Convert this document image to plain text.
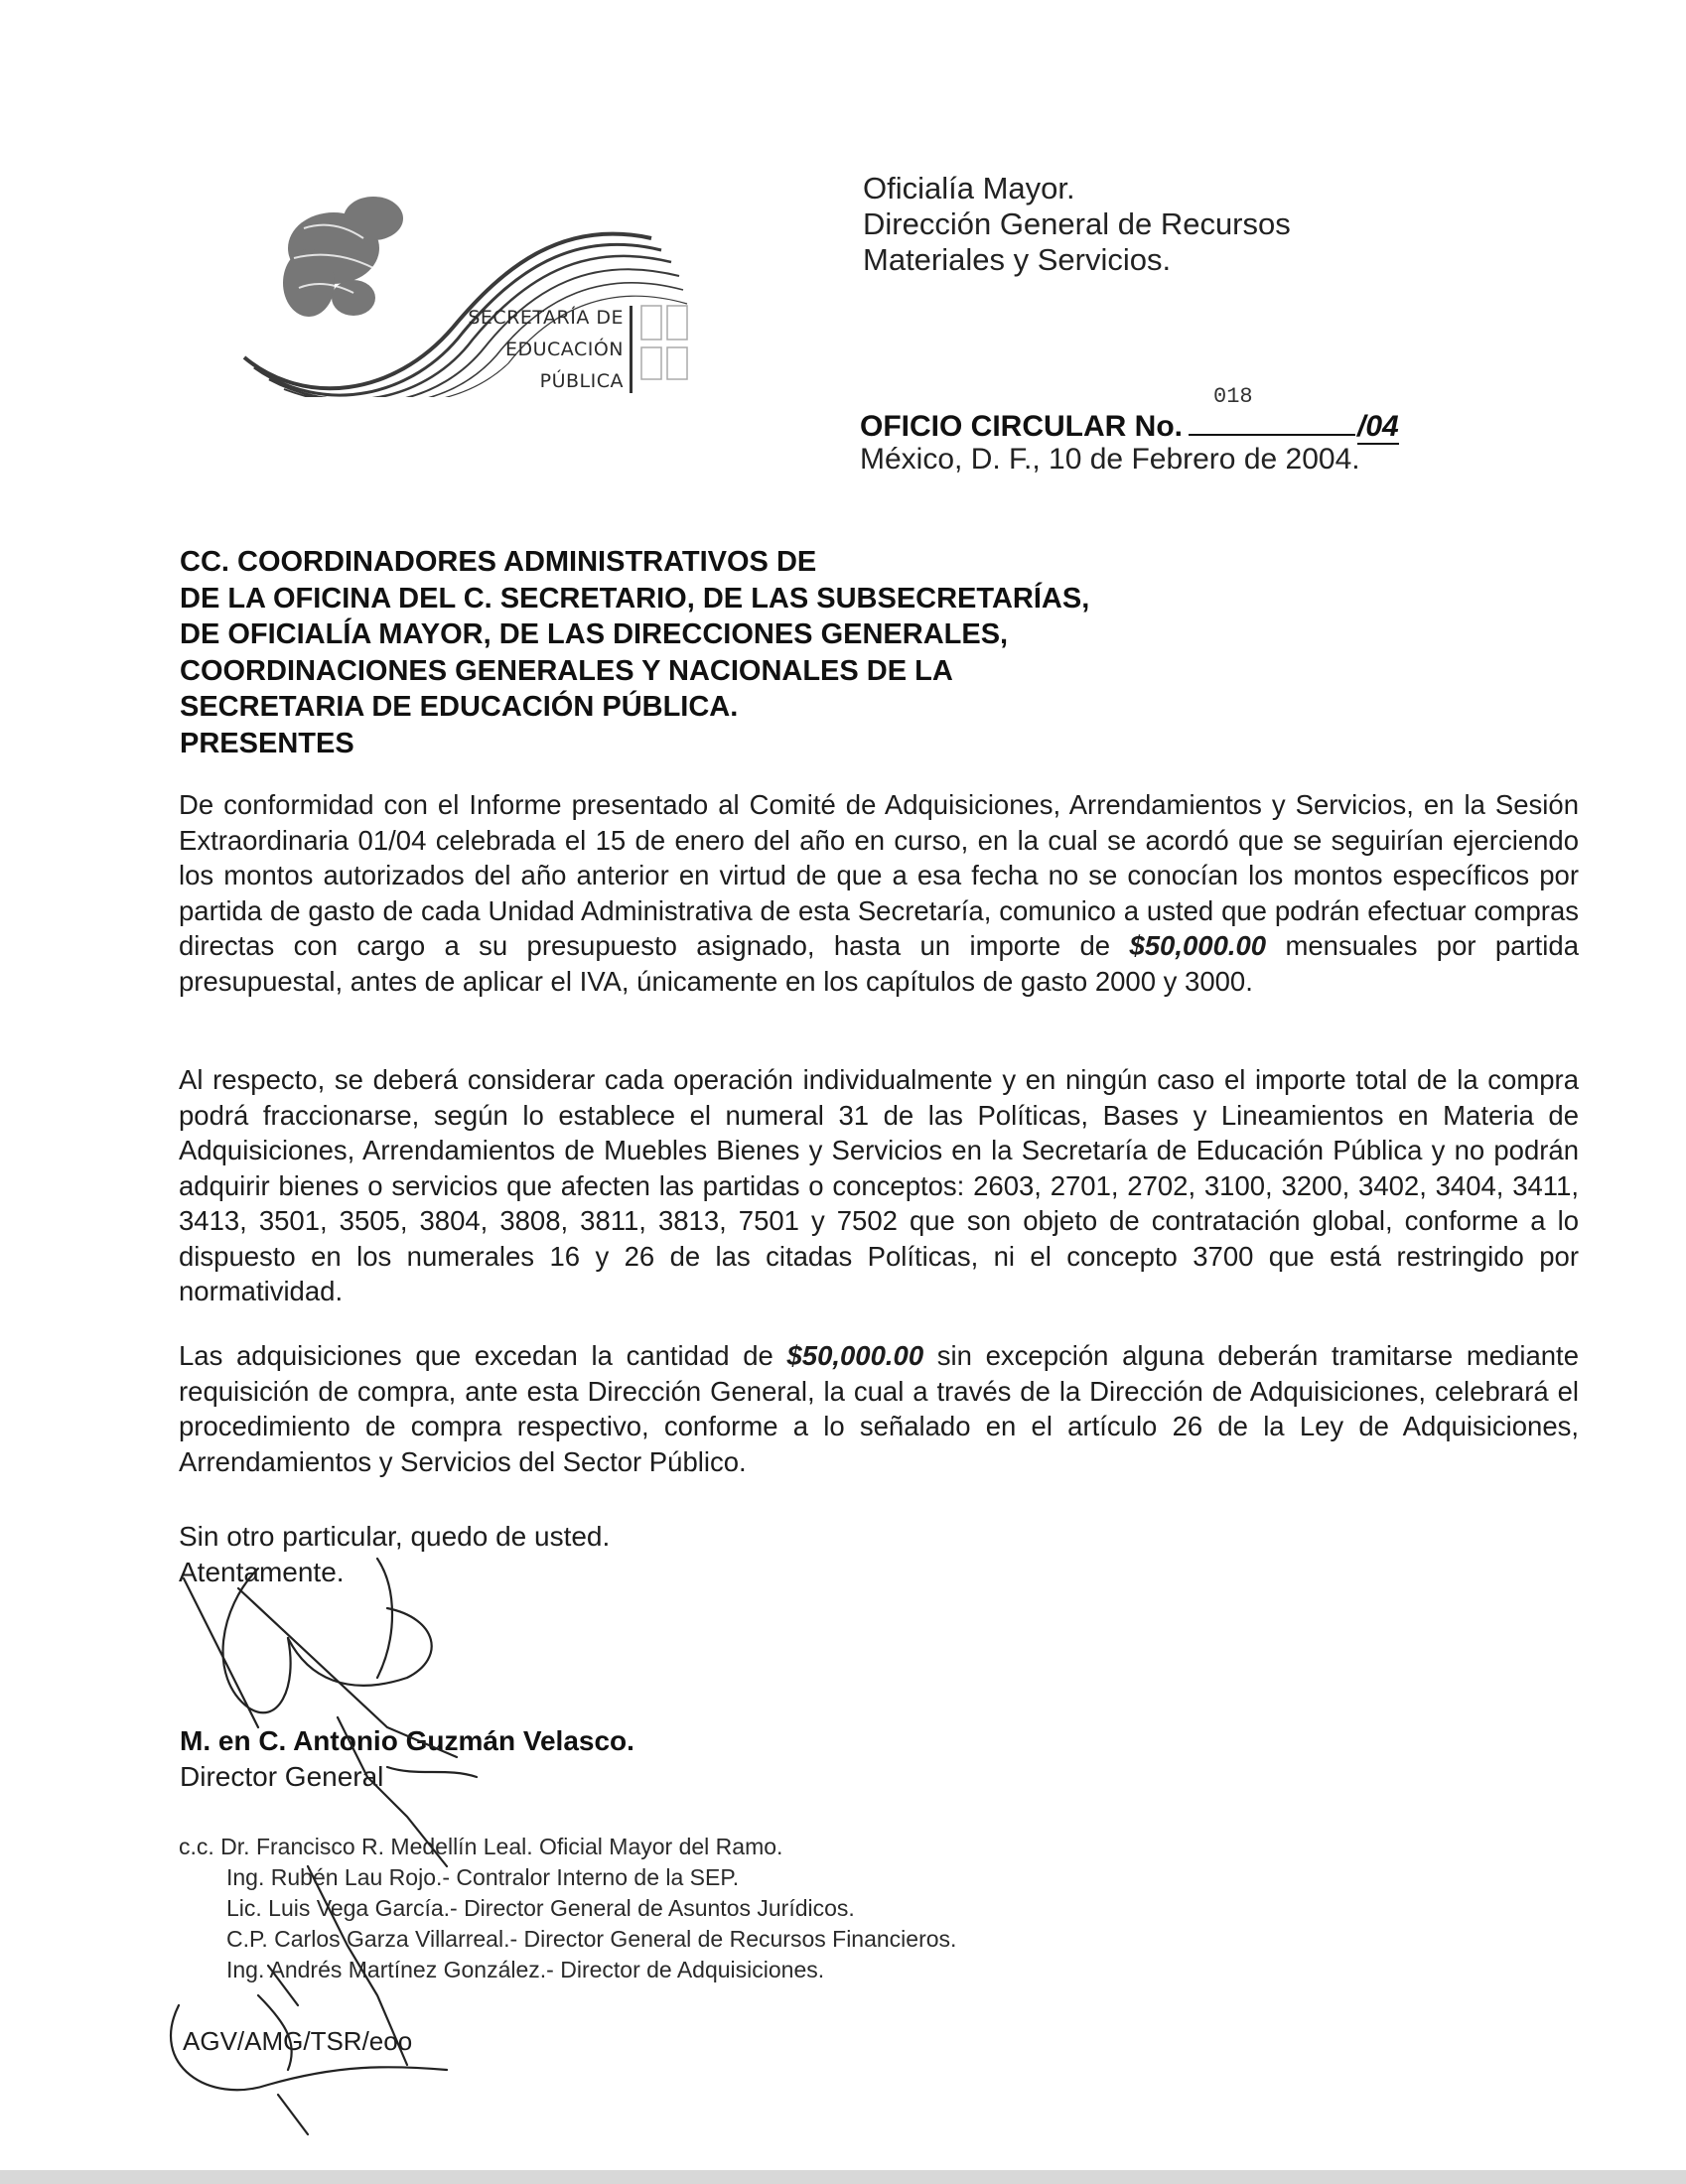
SECRETARÍA DE
EDUCACIÓN
PÚBLICA
Oficialía Mayor.
Dirección General de Recursos
Materiales y Servicios.
018
OFICIO CIRCULAR No.	/04
México, D. F., 10 de Febrero de 2004.
CC. COORDINADORES ADMINISTRATIVOS DE
DE LA OFICINA DEL C. SECRETARIO, DE LAS SUBSECRETARÍAS,
DE OFICIALÍA MAYOR, DE LAS DIRECCIONES GENERALES,
COORDINACIONES GENERALES Y NACIONALES DE LA
SECRETARIA DE EDUCACIÓN PÚBLICA.
PRESENTES
De conformidad con el Informe presentado al Comité de Adquisiciones, Arrendamientos y Servicios, en la Sesión Extraordinaria 01/04 celebrada el 15 de enero del año en curso, en la cual se acordó que se seguirían ejerciendo los montos autorizados del año anterior en virtud de que a esa fecha no se conocían los montos específicos por partida de gasto de cada Unidad Administrativa de esta Secretaría, comunico a usted que podrán efectuar compras directas con cargo a su presupuesto asignado, hasta un importe de $50,000.00 mensuales por partida presupuestal, antes de aplicar el IVA, únicamente en los capítulos de gasto 2000 y 3000.
Al respecto, se deberá considerar cada operación individualmente y en ningún caso el importe total de la compra podrá fraccionarse, según lo establece el numeral 31 de las Políticas, Bases y Lineamientos en Materia de Adquisiciones, Arrendamientos de Muebles Bienes y Servicios en la Secretaría de Educación Pública y no podrán adquirir bienes o servicios que afecten las partidas o conceptos: 2603, 2701, 2702, 3100, 3200, 3402, 3404, 3411, 3413, 3501, 3505, 3804, 3808, 3811, 3813, 7501 y 7502 que son objeto de contratación global, conforme a lo dispuesto en los numerales 16 y 26 de las citadas Políticas, ni el concepto 3700 que está restringido por normatividad.
Las adquisiciones que excedan la cantidad de $50,000.00 sin excepción alguna deberán tramitarse mediante requisición de compra, ante esta Dirección General, la cual a través de la Dirección de Adquisiciones, celebrará el procedimiento de compra respectivo, conforme a lo señalado en el artículo 26 de la Ley de Adquisiciones, Arrendamientos y Servicios del Sector Público.
Sin otro particular, quedo de usted.
Atentamente.
M. en C. Antonio Guzmán Velasco.
Director General
c.c. Dr. Francisco R. Medellín Leal. Oficial Mayor del Ramo.
Ing. Rubén Lau Rojo.- Contralor Interno de la SEP.
Lic. Luis Vega García.- Director General de Asuntos Jurídicos.
C.P. Carlos Garza Villarreal.- Director General de Recursos Financieros.
Ing. Andrés Martínez González.- Director de Adquisiciones.
AGV/AMG/TSR/eoo
